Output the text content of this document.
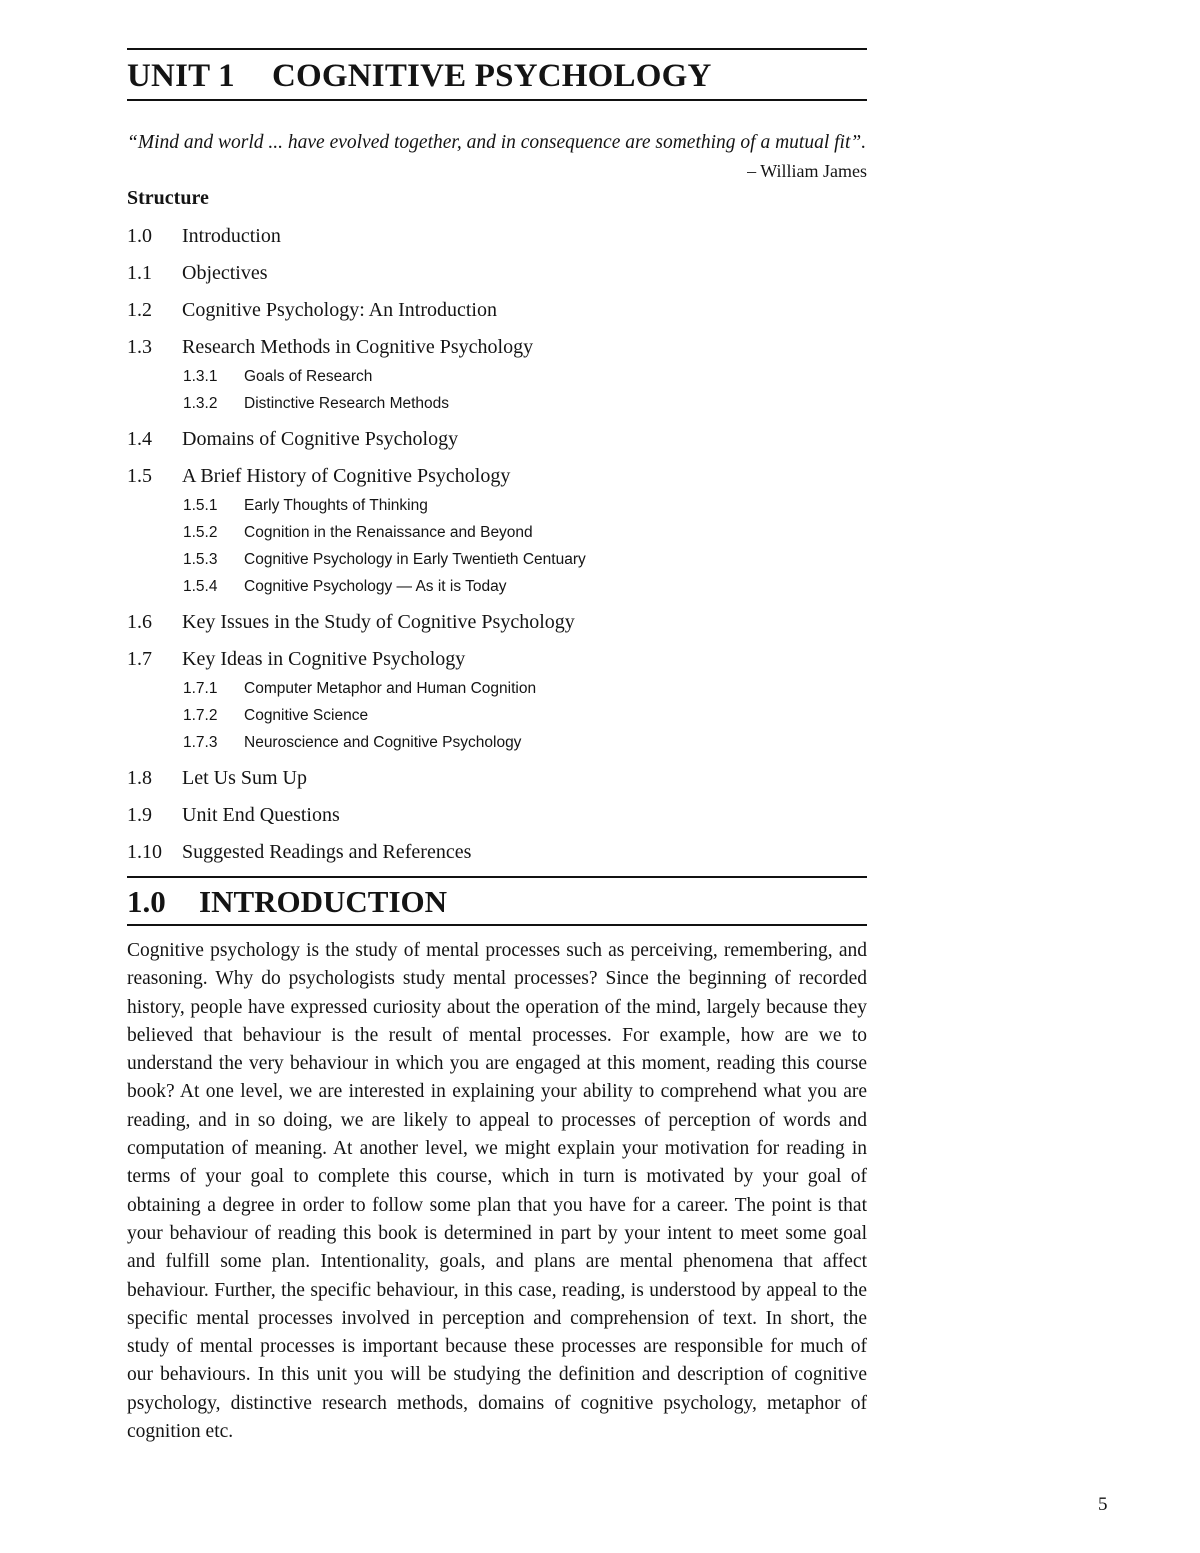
UNIT 1 COGNITIVE PSYCHOLOGY
“Mind and world ... have evolved together, and in consequence are something of a mutual fit”.
– William James
Structure
1.0	Introduction
1.1	Objectives
1.2	Cognitive Psychology: An Introduction
1.3	Research Methods in Cognitive Psychology
1.3.1	Goals of Research
1.3.2	Distinctive Research Methods
1.4	Domains of Cognitive Psychology
1.5	A Brief History of Cognitive Psychology
1.5.1	Early Thoughts of Thinking
1.5.2	Cognition in the Renaissance and Beyond
1.5.3	Cognitive Psychology in Early Twentieth Centuary
1.5.4	Cognitive Psychology — As it is Today
1.6	Key Issues in the Study of Cognitive Psychology
1.7	Key Ideas in Cognitive Psychology
1.7.1	Computer Metaphor and Human Cognition
1.7.2	Cognitive Science
1.7.3	Neuroscience and Cognitive Psychology
1.8	Let Us Sum Up
1.9	Unit End Questions
1.10	Suggested Readings and References
1.0 INTRODUCTION
Cognitive psychology is the study of mental processes such as perceiving, remembering, and reasoning. Why do psychologists study mental processes? Since the beginning of recorded history, people have expressed curiosity about the operation of the mind, largely because they believed that behaviour is the result of mental processes. For example, how are we to understand the very behaviour in which you are engaged at this moment, reading this course book? At one level, we are interested in explaining your ability to comprehend what you are reading, and in so doing, we are likely to appeal to processes of perception of words and computation of meaning. At another level, we might explain your motivation for reading in terms of your goal to complete this course, which in turn is motivated by your goal of obtaining a degree in order to follow some plan that you have for a career. The point is that your behaviour of reading this book is determined in part by your intent to meet some goal and fulfill some plan. Intentionality, goals, and plans are mental phenomena that affect behaviour. Further, the specific behaviour, in this case, reading, is understood by appeal to the specific mental processes involved in perception and comprehension of text. In short, the study of mental processes is important because these processes are responsible for much of our behaviours. In this unit you will be studying the definition and description of cognitive psychology, distinctive research methods, domains of cognitive psychology, metaphor of cognition etc.
5
